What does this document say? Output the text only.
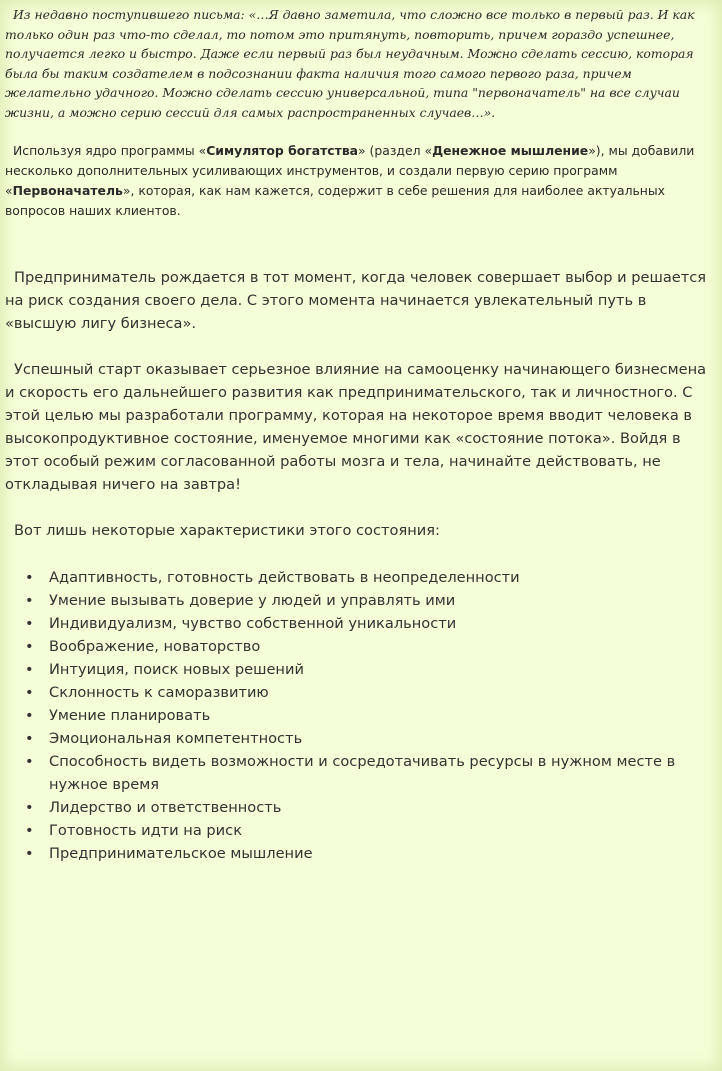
Из недавно поступившего письма: «…Я давно заметила, что сложно все только в первый раз. И как только один раз что-то сделал, то потом это притянуть, повторить, причем гораздо успешнее, получается легко и быстро. Даже если первый раз был неудачным. Можно сделать сессию, которая была бы таким создателем в подсознании факта наличия того самого первого раза, причем желательно удачного. Можно сделать сессию универсальной, типа "первоначатель" на все случаи жизни, а можно серию сессий для самых распространенных случаев…».

Используя ядро программы «Симулятор богатства» (раздел «Денежное мышление»), мы добавили несколько дополнительных усиливающих инструментов, и создали первую серию программ «Первоначатель», которая, как нам кажется, содержит в себе решения для наиболее актуальных вопросов наших клиентов.

Предприниматель рождается в тот момент, когда человек совершает выбор и решается на риск создания своего дела. С этого момента начинается увлекательный путь в «высшую лигу бизнеса».

Успешный старт оказывает серьезное влияние на самооценку начинающего бизнесмена и скорость его дальнейшего развития как предпринимательского, так и личностного. С этой целью мы разработали программу, которая на некоторое время вводит человека в высокопродуктивное состояние, именуемое многими как «состояние потока». Войдя в этот особый режим согласованной работы мозга и тела, начинайте действовать, не откладывая ничего на завтра!

Вот лишь некоторые характеристики этого состояния:

• Адаптивность, готовность действовать в неопределенности
• Умение вызывать доверие у людей и управлять ими
• Индивидуализм, чувство собственной уникальности
• Воображение, новаторство
• Интуиция, поиск новых решений
• Склонность к саморазвитию
• Умение планировать
• Эмоциональная компетентность
• Способность видеть возможности и сосредотачивать ресурсы в нужном месте в нужное время
• Лидерство и ответственность
• Готовность идти на риск
• Предпринимательское мышление
